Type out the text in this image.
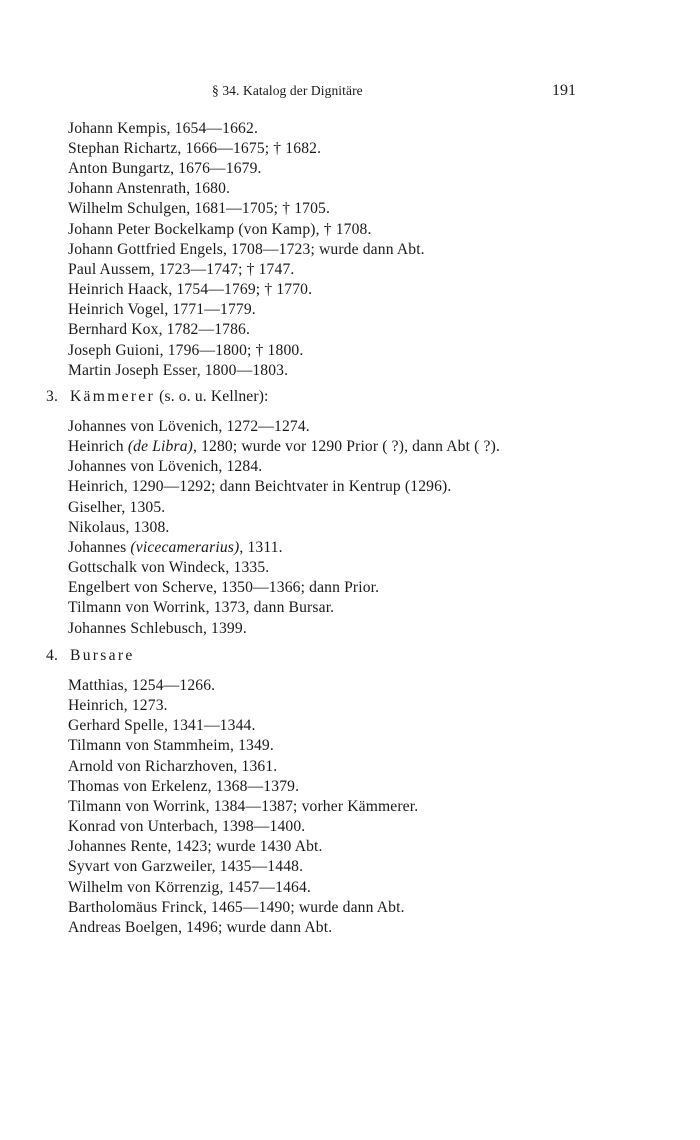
§ 34. Katalog der Dignitäre	191
Johann Kempis, 1654—1662.
Stephan Richartz, 1666—1675; † 1682.
Anton Bungartz, 1676—1679.
Johann Anstenrath, 1680.
Wilhelm Schulgen, 1681—1705; † 1705.
Johann Peter Bockelkamp (von Kamp), † 1708.
Johann Gottfried Engels, 1708—1723; wurde dann Abt.
Paul Aussem, 1723—1747; † 1747.
Heinrich Haack, 1754—1769; † 1770.
Heinrich Vogel, 1771—1779.
Bernhard Kox, 1782—1786.
Joseph Guioni, 1796—1800; † 1800.
Martin Joseph Esser, 1800—1803.
3. Kämmerer (s. o. u. Kellner):
Johannes von Lövenich, 1272—1274.
Heinrich (de Libra), 1280; wurde vor 1290 Prior ( ?), dann Abt ( ?).
Johannes von Lövenich, 1284.
Heinrich, 1290—1292; dann Beichtvater in Kentrup (1296).
Giselher, 1305.
Nikolaus, 1308.
Johannes (vicecamerarius), 1311.
Gottschalk von Windeck, 1335.
Engelbert von Scherve, 1350—1366; dann Prior.
Tilmann von Worrink, 1373, dann Bursar.
Johannes Schlebusch, 1399.
4. Bursare
Matthias, 1254—1266.
Heinrich, 1273.
Gerhard Spelle, 1341—1344.
Tilmann von Stammheim, 1349.
Arnold von Richarzhoven, 1361.
Thomas von Erkelenz, 1368—1379.
Tilmann von Worrink, 1384—1387; vorher Kämmerer.
Konrad von Unterbach, 1398—1400.
Johannes Rente, 1423; wurde 1430 Abt.
Syvart von Garzweiler, 1435—1448.
Wilhelm von Körrenzig, 1457—1464.
Bartholomäus Frinck, 1465—1490; wurde dann Abt.
Andreas Boelgen, 1496; wurde dann Abt.
